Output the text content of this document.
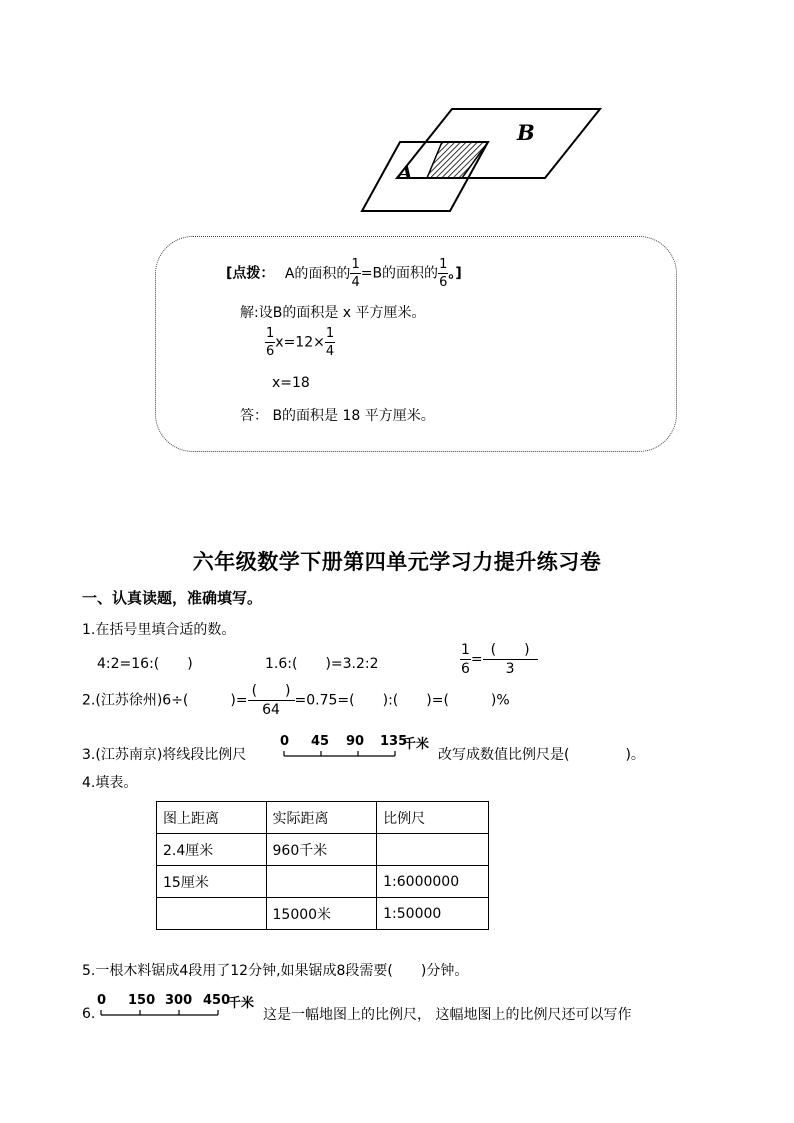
B
A
[点拨： A的面积的 $\frac{1}{4} =B$的面积的 $\frac{1}{6}$ 。]
解:设B的面积是 x 平方厘米。
$\frac{1}{6} x=12\times \frac{1}{4}$
x=18
答： B的面积是 18 平方厘米。
六年级数学下册第四单元学习力提升练习卷
一、认真读题，准确填写。
1.在括号里填合适的数。
4:2=16:(　　)	1.6:(　　)=3.2:2	$\frac{1}{6} = \frac{( )}{3}$
2.(江苏徐州)6÷(　　　)= $\frac{( )}{64} =0.75=$(　　):(　　)=(　　　)%
3.(江苏南京)将线段比例尺
0 45 90 135
千米
改写成数值比例尺是(　　　　)。
4.填表。
图上距离	实际距离	比例尺
2.4厘米	960千米	
15厘米		1:6000000
	15000米	1:50000
5.一根木料锯成4段用了12分钟,如果锯成8段需要(　　)分钟。
6.
0 150 300 450
千米
这是一幅地图上的比例尺， 这幅地图上的比例尺还可以写作
